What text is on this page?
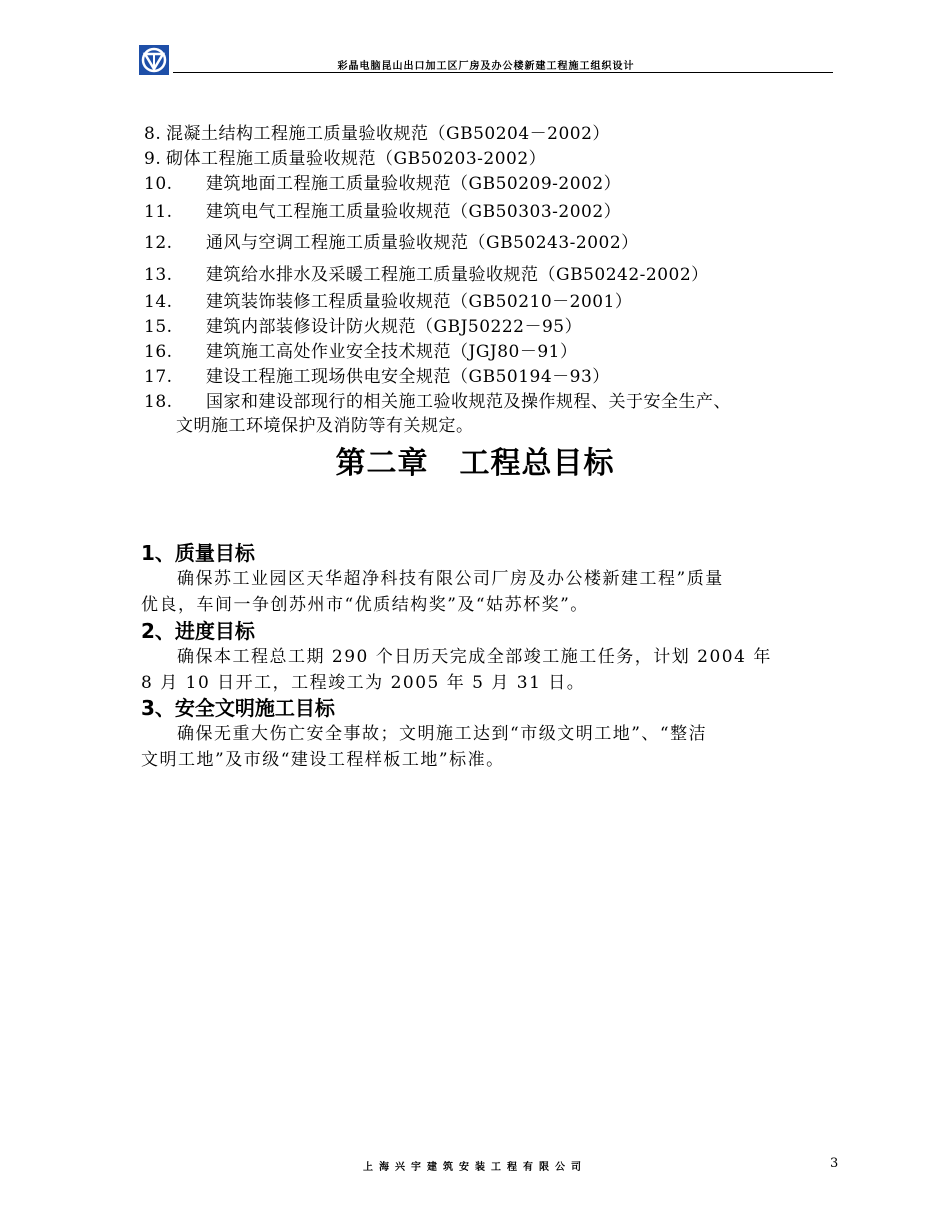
彩晶电脑昆山出口加工区厂房及办公楼新建工程施工组织设计
8. 混凝土结构工程施工质量验收规范（GB50204－2002）
9. 砌体工程施工质量验收规范（GB50203-2002）
10. 建筑地面工程施工质量验收规范（GB50209-2002）
11. 建筑电气工程施工质量验收规范（GB50303-2002）
12. 通风与空调工程施工质量验收规范（GB50243-2002）
13. 建筑给水排水及采暖工程施工质量验收规范（GB50242-2002）
14. 建筑装饰装修工程质量验收规范（GB50210－2001）
15. 建筑内部装修设计防火规范（GBJ50222－95）
16. 建筑施工高处作业安全技术规范（JGJ80－91）
17. 建设工程施工现场供电安全规范（GB50194－93）
18. 国家和建设部现行的相关施工验收规范及操作规程、关于安全生产、
文明施工环境保护及消防等有关规定。
第二章　工程总目标
1、质量目标
确保苏工业园区天华超净科技有限公司厂房及办公楼新建工程”质量
优良，车间一争创苏州市“优质结构奖”及“姑苏杯奖”。
2、进度目标
确保本工程总工期 290 个日历天完成全部竣工施工任务，计划 2004 年
8 月 10 日开工，工程竣工为 2005 年 5 月 31 日。
3、安全文明施工目标
确保无重大伤亡安全事故；文明施工达到“市级文明工地”、“整洁
文明工地”及市级“建设工程样板工地”标准。
上海兴宇建筑安装工程有限公司	3
